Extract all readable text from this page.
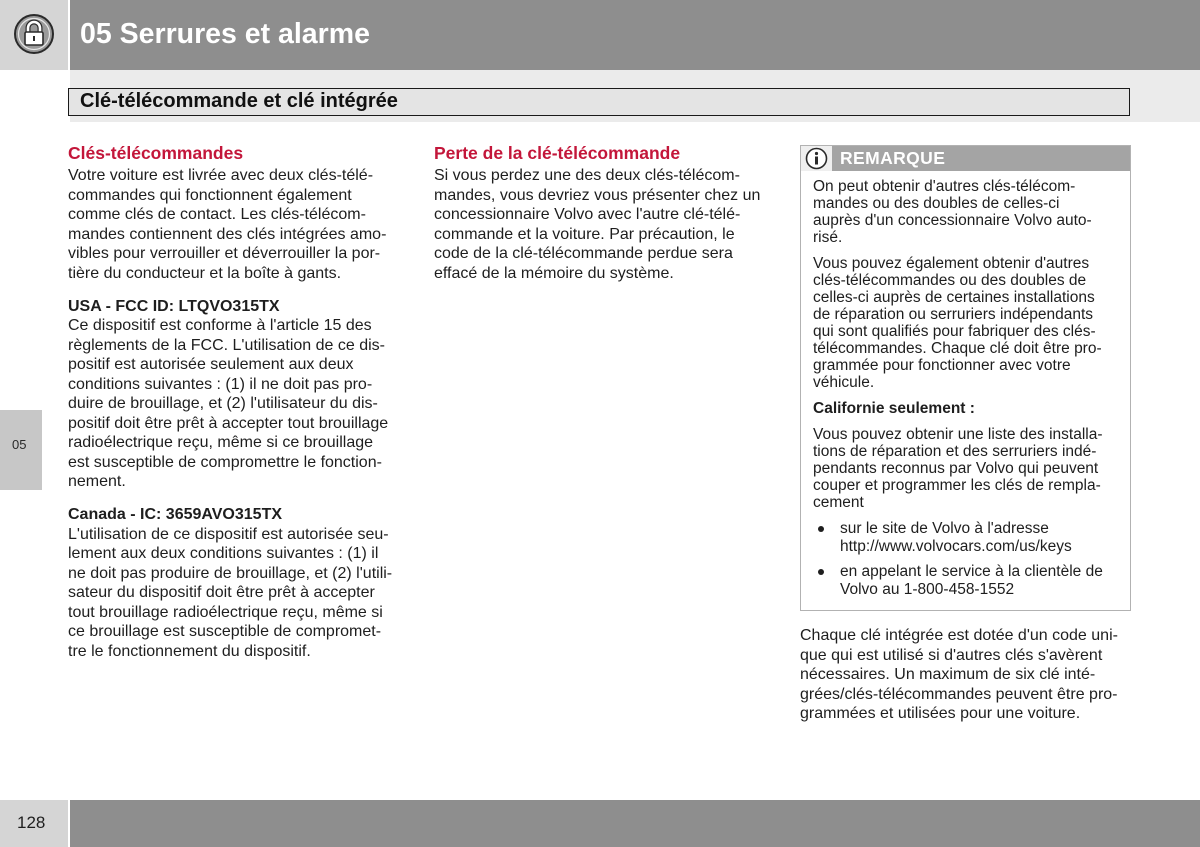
05 Serrures et alarme
Clé-télécommande et clé intégrée
05
Clés-télécommandes
Votre voiture est livrée avec deux clés-télé-
commandes qui fonctionnent également
comme clés de contact. Les clés-télécom-
mandes contiennent des clés intégrées amo-
vibles pour verrouiller et déverrouiller la por-
tière du conducteur et la boîte à gants.
USA - FCC ID: LTQVO315TX
Ce dispositif est conforme à l'article 15 des
règlements de la FCC. L'utilisation de ce dis-
positif est autorisée seulement aux deux
conditions suivantes : (1) il ne doit pas pro-
duire de brouillage, et (2) l'utilisateur du dis-
positif doit être prêt à accepter tout brouillage
radioélectrique reçu, même si ce brouillage
est susceptible de compromettre le fonction-
nement.
Canada - IC: 3659AVO315TX
L'utilisation de ce dispositif est autorisée seu-
lement aux deux conditions suivantes : (1) il
ne doit pas produire de brouillage, et (2) l'utili-
sateur du dispositif doit être prêt à accepter
tout brouillage radioélectrique reçu, même si
ce brouillage est susceptible de compromet-
tre le fonctionnement du dispositif.
Perte de la clé-télécommande
Si vous perdez une des deux clés-télécom-
mandes, vous devriez vous présenter chez un
concessionnaire Volvo avec l'autre clé-télé-
commande et la voiture. Par précaution, le
code de la clé-télécommande perdue sera
effacé de la mémoire du système.
REMARQUE
On peut obtenir d'autres clés-télécom-
mandes ou des doubles de celles-ci
auprès d'un concessionnaire Volvo auto-
risé.
Vous pouvez également obtenir d'autres
clés-télécommandes ou des doubles de
celles-ci auprès de certaines installations
de réparation ou serruriers indépendants
qui sont qualifiés pour fabriquer des clés-
télécommandes. Chaque clé doit être pro-
grammée pour fonctionner avec votre
véhicule.
Californie seulement :
Vous pouvez obtenir une liste des installa-
tions de réparation et des serruriers indé-
pendants reconnus par Volvo qui peuvent
couper et programmer les clés de rempla-
cement
sur le site de Volvo à l'adresse
http://www.volvocars.com/us/keys
en appelant le service à la clientèle de
Volvo au 1-800-458-1552
Chaque clé intégrée est dotée d'un code uni-
que qui est utilisé si d'autres clés s'avèrent
nécessaires. Un maximum de six clé inté-
grées/clés-télécommandes peuvent être pro-
grammées et utilisées pour une voiture.
128
